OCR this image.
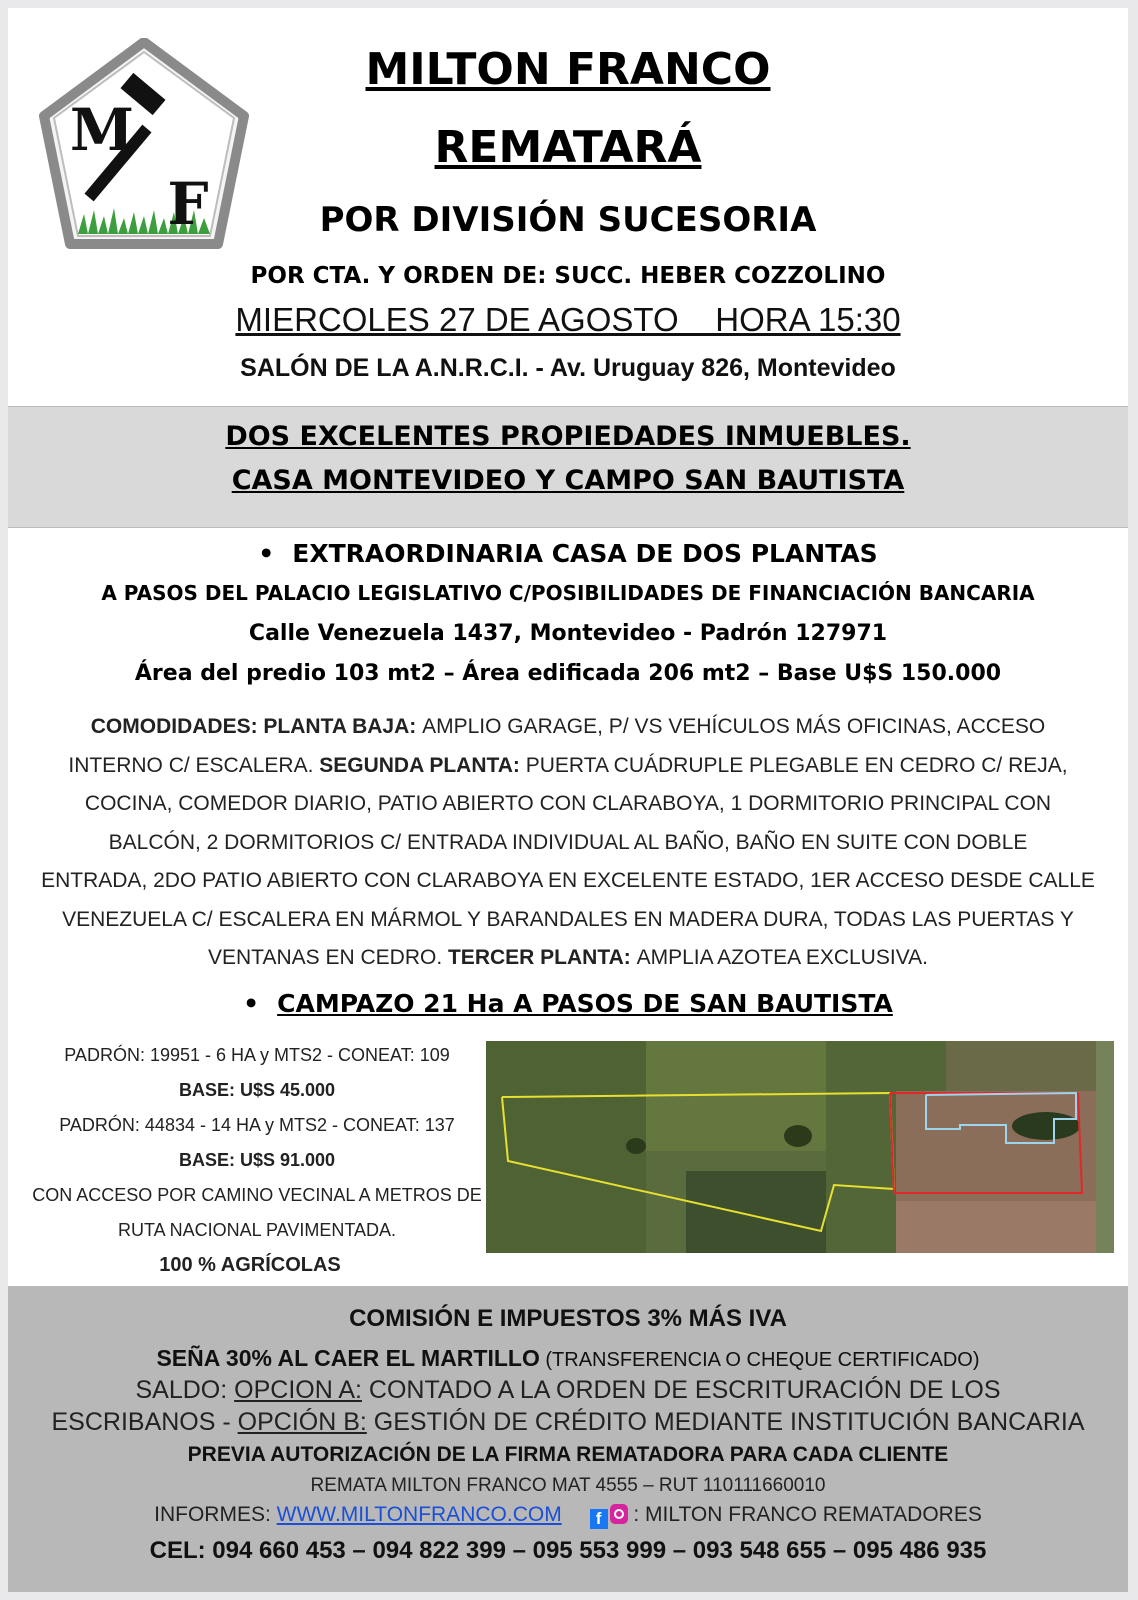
M
F
MILTON FRANCO
REMATARÁ
POR DIVISIÓN SUCESORIA
POR CTA. Y ORDEN DE: SUCC. HEBER COZZOLINO
MIERCOLES 27 DE AGOSTO    HORA 15:30
SALÓN DE LA A.N.R.C.I. - Av. Uruguay 826, Montevideo
DOS EXCELENTES PROPIEDADES INMUEBLES.
CASA MONTEVIDEO Y CAMPO SAN BAUTISTA
• EXTRAORDINARIA CASA DE DOS PLANTAS
A PASOS DEL PALACIO LEGISLATIVO C/POSIBILIDADES DE FINANCIACIÓN BANCARIA
Calle Venezuela 1437, Montevideo - Padrón 127971
Área del predio 103 mt2 – Área edificada 206 mt2 – Base U$S 150.000
COMODIDADES: PLANTA BAJA: AMPLIO GARAGE, P/ VS VEHÍCULOS MÁS OFICINAS, ACCESO
INTERNO C/ ESCALERA. SEGUNDA PLANTA: PUERTA CUÁDRUPLE PLEGABLE EN CEDRO C/ REJA,
COCINA, COMEDOR DIARIO, PATIO ABIERTO CON CLARABOYA, 1 DORMITORIO PRINCIPAL CON
BALCÓN, 2 DORMITORIOS C/ ENTRADA INDIVIDUAL AL BAÑO, BAÑO EN SUITE CON DOBLE
ENTRADA, 2DO PATIO ABIERTO CON CLARABOYA EN EXCELENTE ESTADO, 1ER ACCESO DESDE CALLE
VENEZUELA C/ ESCALERA EN MÁRMOL Y BARANDALES EN MADERA DURA, TODAS LAS PUERTAS Y
VENTANAS EN CEDRO. TERCER PLANTA: AMPLIA AZOTEA EXCLUSIVA.
•CAMPAZO 21 Ha A PASOS DE SAN BAUTISTA
PADRÓN: 19951 - 6 HA y MTS2 - CONEAT: 109
BASE: U$S 45.000
PADRÓN: 44834 - 14 HA y MTS2 - CONEAT: 137
BASE: U$S 91.000
CON ACCESO POR CAMINO VECINAL A METROS DE
RUTA NACIONAL PAVIMENTADA.
100 % AGRÍCOLAS
COMISIÓN E IMPUESTOS 3% MÁS IVA
SEÑA 30% AL CAER EL MARTILLO (TRANSFERENCIA O CHEQUE CERTIFICADO)
SALDO: OPCION A: CONTADO A LA ORDEN DE ESCRITURACIÓN DE LOS
ESCRIBANOS - OPCIÓN B: GESTIÓN DE CRÉDITO MEDIANTE INSTITUCIÓN BANCARIA
PREVIA AUTORIZACIÓN DE LA FIRMA REMATADORA PARA CADA CLIENTE
REMATA MILTON FRANCO MAT 4555 – RUT 110111660010
INFORMES: WWW.MILTONFRANCO.COM f
: MILTON FRANCO REMATADORES
CEL: 094 660 453 – 094 822 399 – 095 553 999 – 093 548 655 – 095 486 935
